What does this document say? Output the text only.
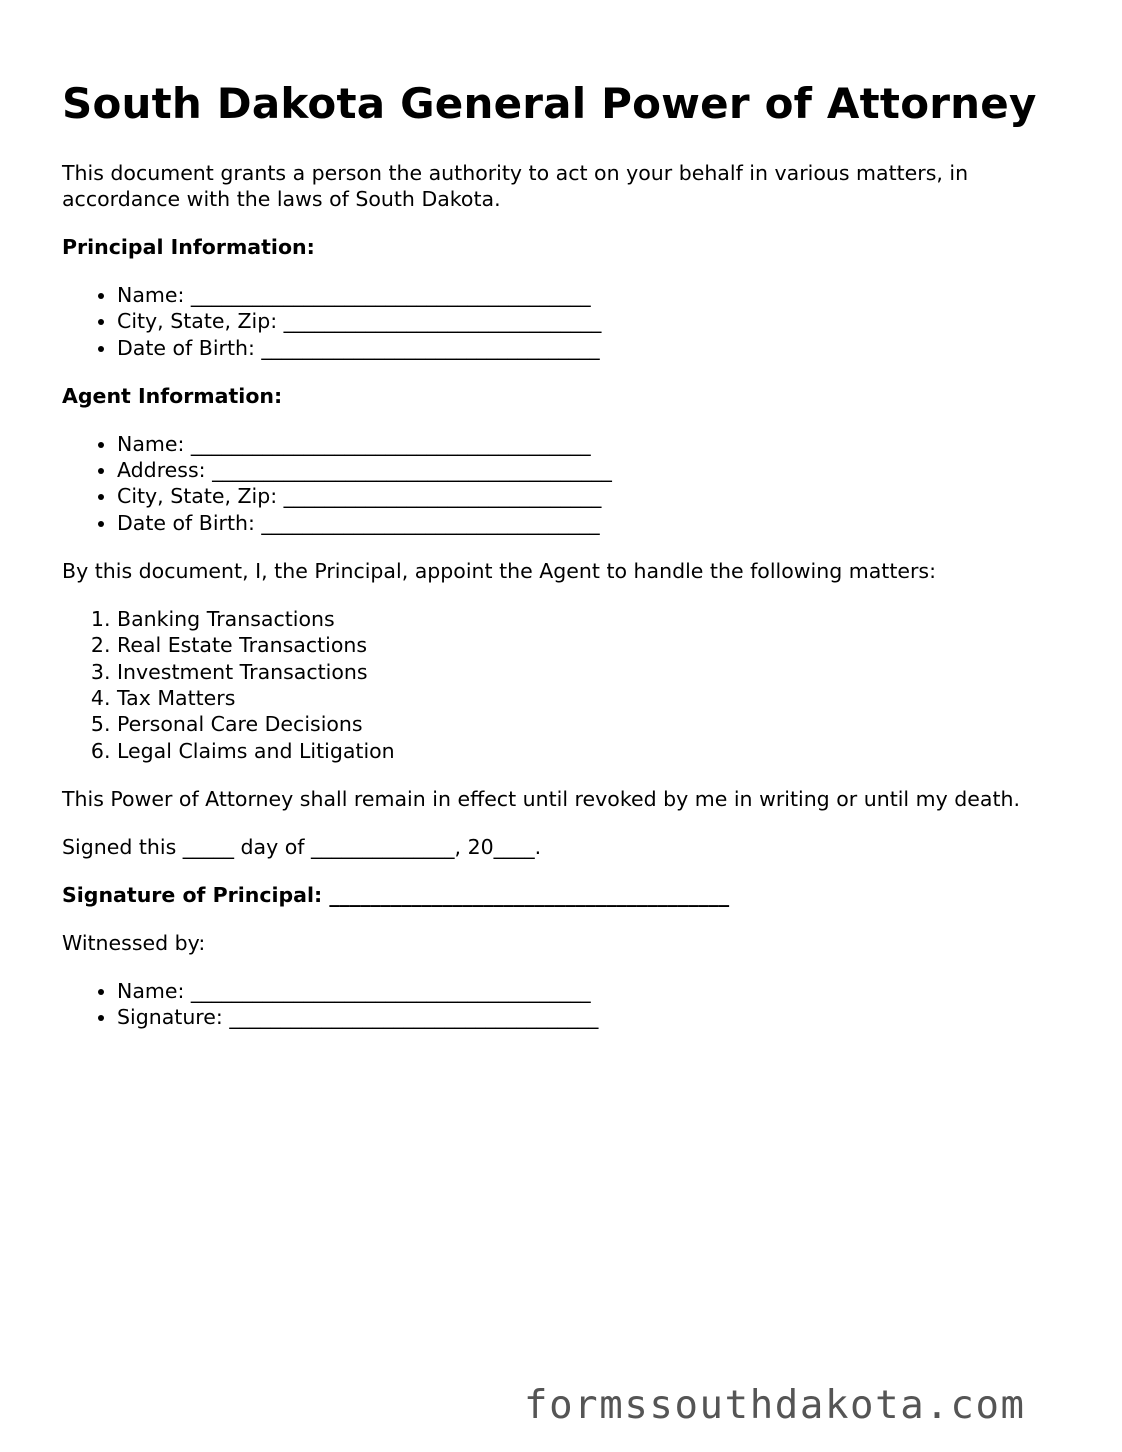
South Dakota General Power of Attorney

This document grants a person the authority to act on your behalf in various matters, in accordance with the laws of South Dakota.

Principal Information:

• Name: _______________________________________
• City, State, Zip: _______________________________
• Date of Birth: _________________________________

Agent Information:

• Name: _______________________________________
• Address: _______________________________________
• City, State, Zip: _______________________________
• Date of Birth: _________________________________

By this document, I, the Principal, appoint the Agent to handle the following matters:

1. Banking Transactions
2. Real Estate Transactions
3. Investment Transactions
4. Tax Matters
5. Personal Care Decisions
6. Legal Claims and Litigation

This Power of Attorney shall remain in effect until revoked by me in writing or until my death.

Signed this _____ day of ______________, 20____.

Signature of Principal: _______________________________________

Witnessed by:

• Name: _______________________________________
• Signature: ____________________________________
formssouthdakota.com
